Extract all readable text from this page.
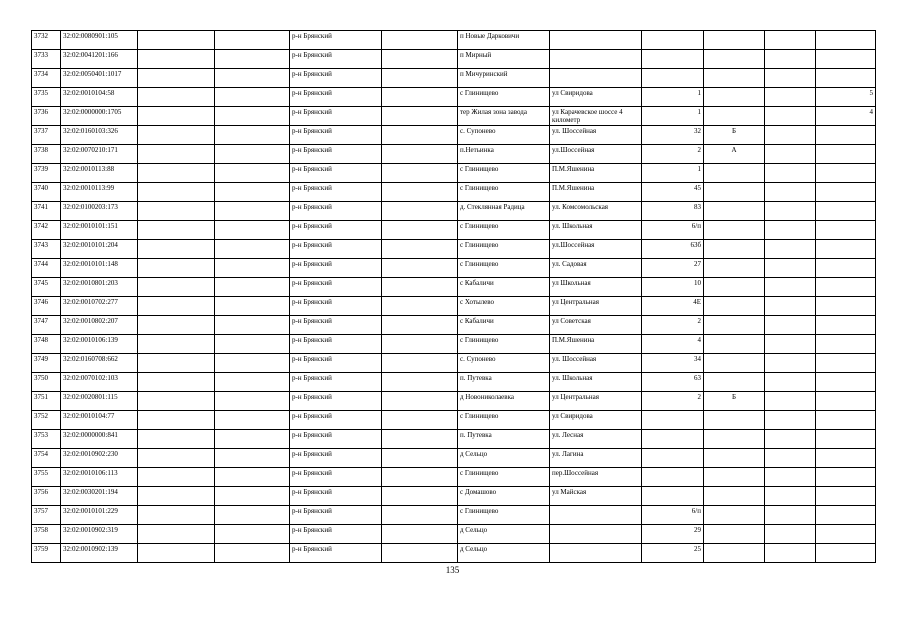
3732	32:02:0080901:105			р-н Брянский		п Новые Дарковичи					
3733	32:02:0041201:166			р-н Брянский		п Мирный					
3734	32:02:0050401:1017			р-н Брянский		п Мичуринский					
3735	32:02:0010104:58			р-н Брянский		с Глинищево	ул Свиридова	1			5
3736	32:02:0000000:1705			р-н Брянский		тер Жилая зона завода	ул Карачевское шоссе 4 километр	1			4
3737	32:02:0160103:326			р-н Брянский		с. Супонево	ул. Шоссейная	32	Б		
3738	32:02:0070210:171			р-н Брянский		п.Нетьинка	ул.Шоссейная	2	А		
3739	32:02:0010113:88			р-н Брянский		с Глинищево	П.М.Яшенина	1			
3740	32:02:0010113:99			р-н Брянский		с Глинищево	П.М.Яшенина	45			
3741	32:02:0100203:173			р-н Брянский		д. Стеклянная Радица	ул. Комсомольская	83			
3742	32:02:0010101:151			р-н Брянский		с Глинищево	ул. Школьная	6/п			
3743	32:02:0010101:204			р-н Брянский		с Глинищево	ул.Шоссейная	63б			
3744	32:02:0010101:148			р-н Брянский		с Глинищево	ул. Садовая	27			
3745	32:02:0010801:203			р-н Брянский		с Кабаличи	ул Школьная	10			
3746	32:02:0010702:277			р-н Брянский		с Хотылево	ул Центральная	4Е			
3747	32:02:0010802:207			р-н Брянский		с Кабаличи	ул Советская	2			
3748	32:02:0010106:139			р-н Брянский		с Глинищево	П.М.Яшенина	4			
3749	32:02:0160708:662			р-н Брянский		с. Супонево	ул. Шоссейная	34			
3750	32:02:0070102:103			р-н Брянский		п. Путевка	ул. Школьная	63			
3751	32:02:0020801:115			р-н Брянский		д Новониколаевка	ул Центральная	2	Б		
3752	32:02:0010104:77			р-н Брянский		с Глинищево	ул Свиридова				
3753	32:02:0000000:841			р-н Брянский		п. Путевка	ул. Лесная				
3754	32:02:0010902:230			р-н Брянский		д Сельцо	ул. Лагина				
3755	32:02:0010106:113			р-н Брянский		с Глинищево	пер.Шоссейная				
3756	32:02:0030201:194			р-н Брянский		с Домашово	ул Майская				
3757	32:02:0010101:229			р-н Брянский		с Глинищево		6/п			
3758	32:02:0010902:319			р-н Брянский		д Сельцо		29			
3759	32:02:0010902:139			р-н Брянский		д Сельцо		25			
135
